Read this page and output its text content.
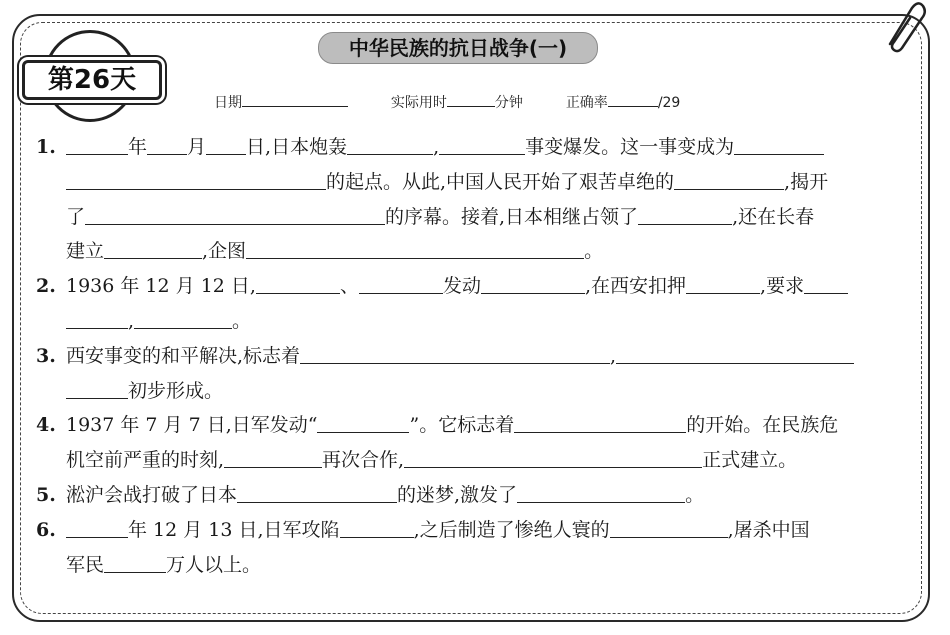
中华民族的抗日战争(一)
第26天
日期	实际用时	分钟	正确率	/29
1.	年 月 日,日本炮轰	,	事变爆发。这一事变成为
的起点。从此,中国人民开始了艰苦卓绝的	,揭开
了	的序幕。接着,日本相继占领了	,还在长春
建立	,企图	。
2. 1936 年 12 月 12 日,	、	发动	,在西安扣押	,要求
,	。
3. 西安事变的和平解决,标志着	,
初步形成。
4. 1937 年 7 月 7 日,日军发动“	”。它标志着	的开始。在民族危
机空前严重的时刻,	再次合作,	正式建立。
5. 淞沪会战打破了日本	的迷梦,激发了	。
6.	年 12 月 13 日,日军攻陷	,之后制造了惨绝人寰的	,屠杀中国
军民	万人以上。
